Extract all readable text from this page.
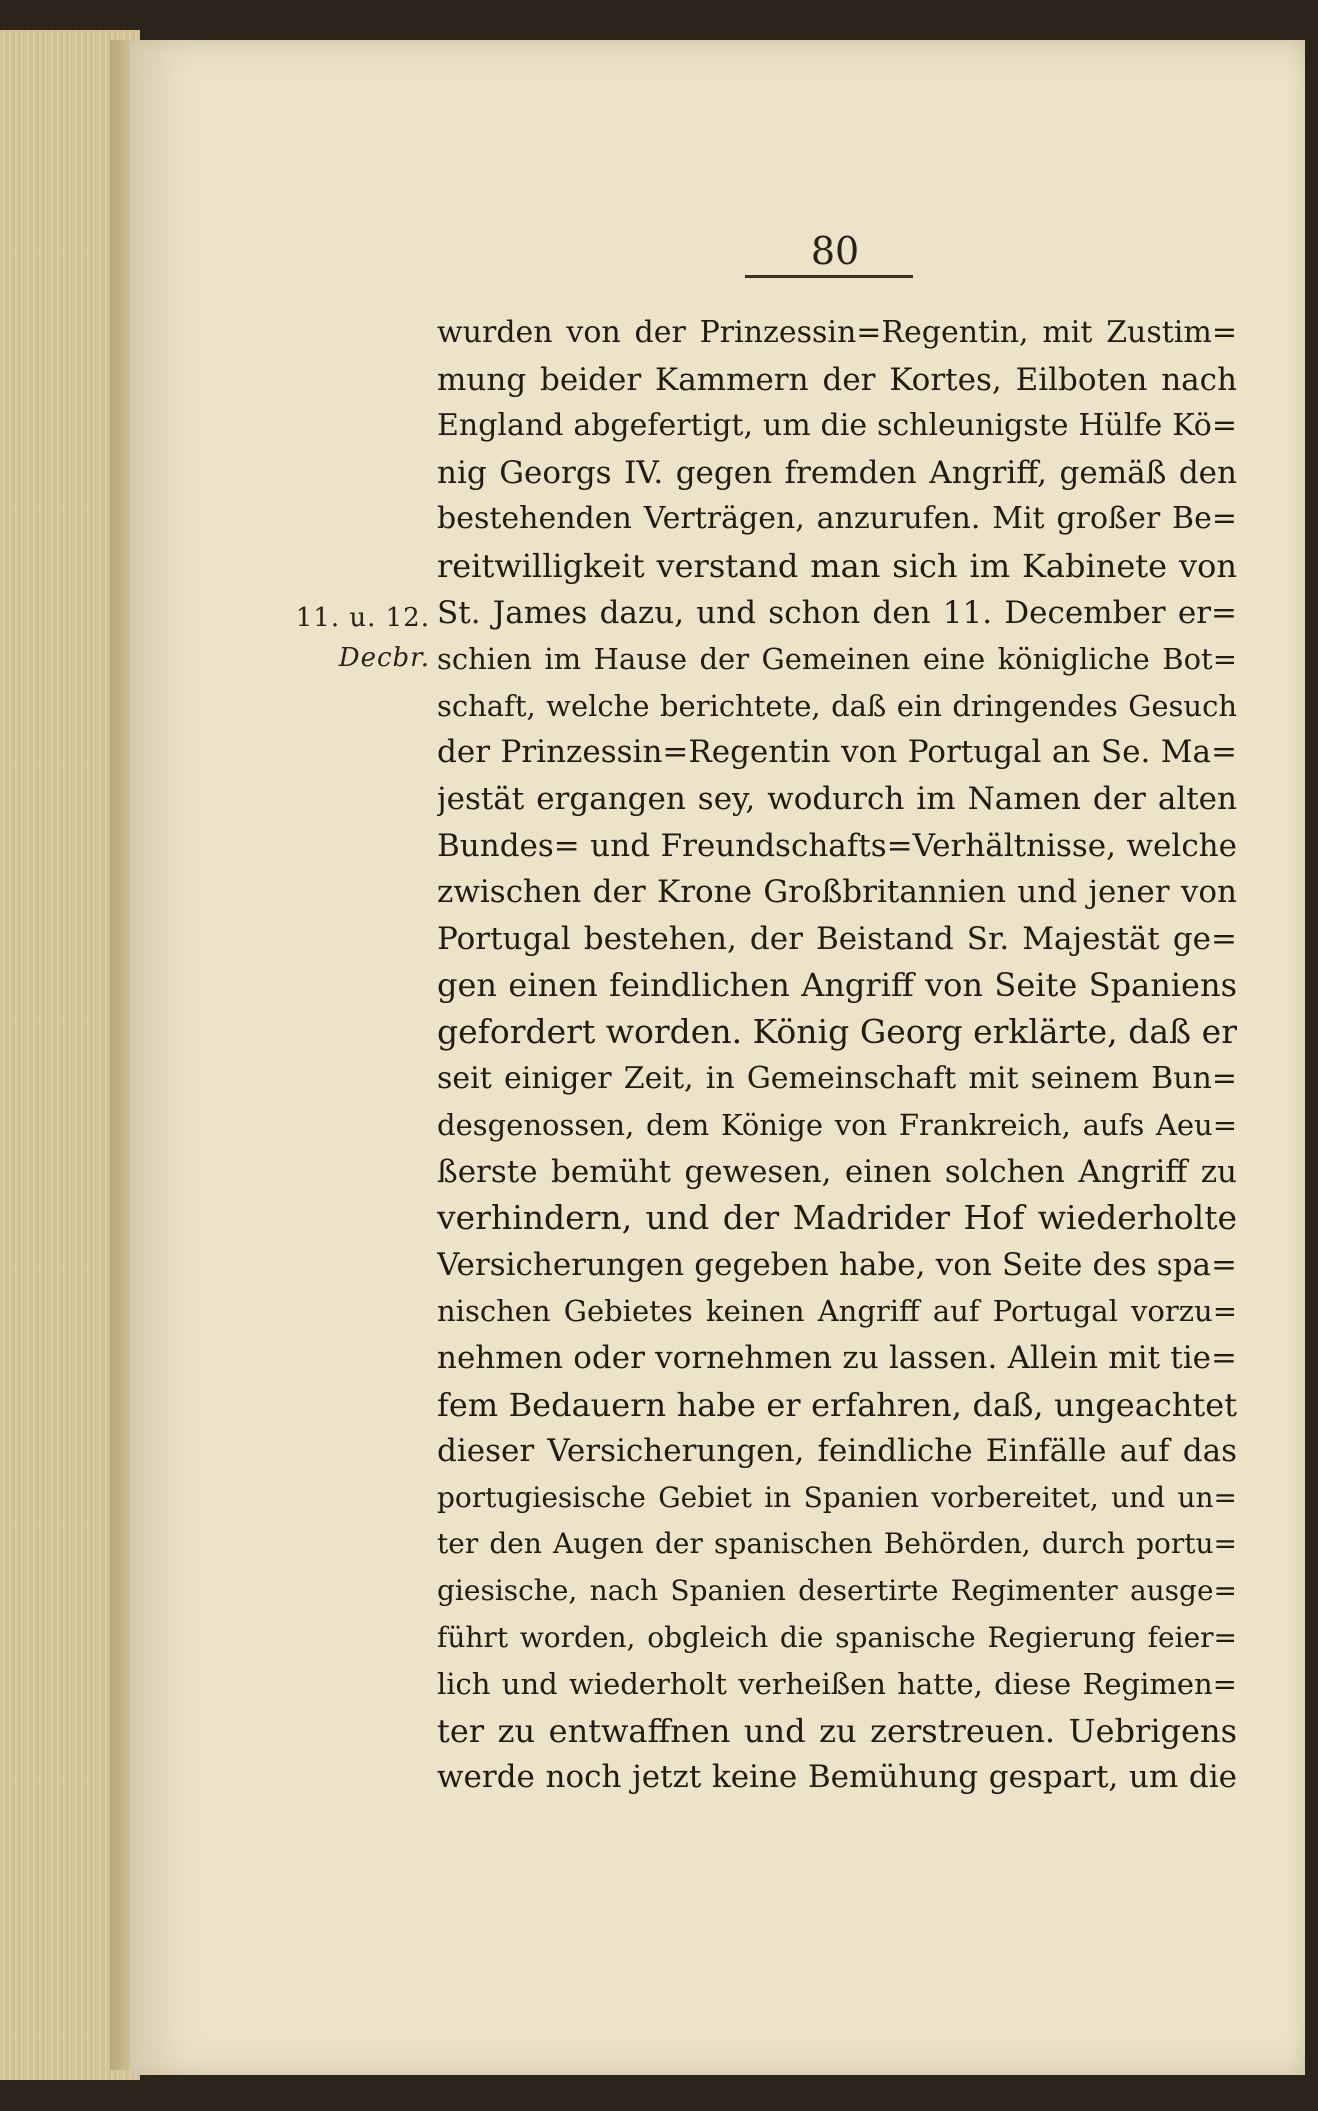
80
11. u. 12.
Decbr.
wurden von der Prinzessin=Regentin, mit Zustim=
mung beider Kammern der Kortes, Eilboten nach
England abgefertigt, um die schleunigste Hülfe Kö=
nig Georgs IV. gegen fremden Angriff, gemäß den
bestehenden Verträgen, anzurufen. Mit großer Be=
reitwilligkeit verstand man sich im Kabinete von
St. James dazu, und schon den 11. December er=
schien im Hause der Gemeinen eine königliche Bot=
schaft, welche berichtete, daß ein dringendes Gesuch
der Prinzessin=Regentin von Portugal an Se. Ma=
jestät ergangen sey, wodurch im Namen der alten
Bundes= und Freundschafts=Verhältnisse, welche
zwischen der Krone Großbritannien und jener von
Portugal bestehen, der Beistand Sr. Majestät ge=
gen einen feindlichen Angriff von Seite Spaniens
gefordert worden. König Georg erklärte, daß er
seit einiger Zeit, in Gemeinschaft mit seinem Bun=
desgenossen, dem Könige von Frankreich, aufs Aeu=
ßerste bemüht gewesen, einen solchen Angriff zu
verhindern, und der Madrider Hof wiederholte
Versicherungen gegeben habe, von Seite des spa=
nischen Gebietes keinen Angriff auf Portugal vorzu=
nehmen oder vornehmen zu lassen. Allein mit tie=
fem Bedauern habe er erfahren, daß, ungeachtet
dieser Versicherungen, feindliche Einfälle auf das
portugiesische Gebiet in Spanien vorbereitet, und un=
ter den Augen der spanischen Behörden, durch portu=
giesische, nach Spanien desertirte Regimenter ausge=
führt worden, obgleich die spanische Regierung feier=
lich und wiederholt verheißen hatte, diese Regimen=
ter zu entwaffnen und zu zerstreuen. Uebrigens
werde noch jetzt keine Bemühung gespart, um die
